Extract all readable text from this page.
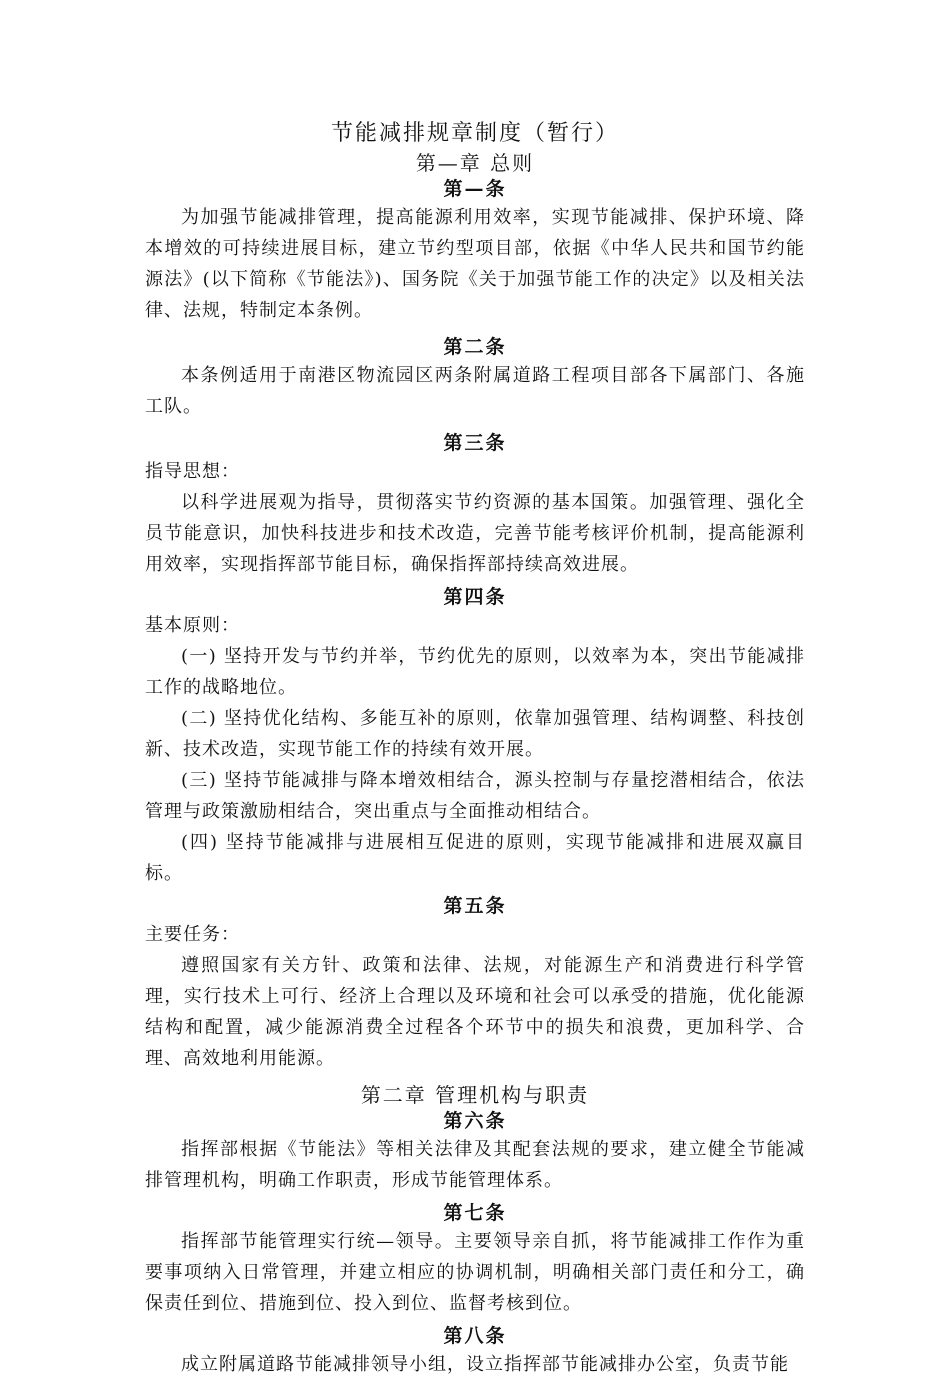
节能减排规章制度（暂行）
第—章 总则
第—条

为加强节能减排管理，提高能源利用效率，实现节能减排、保护环境、降本增效的可持续进展目标，建立节约型项目部，依据《中华人民共和国节约能源法》(以下简称《节能法》)、国务院《关于加强节能工作的决定》以及相关法律、法规，特制定本条例。

第二条

本条例适用于南港区物流园区两条附属道路工程项目部各下属部门、各施工队。

第三条

指导思想：

以科学进展观为指导，贯彻落实节约资源的基本国策。加强管理、强化全员节能意识，加快科技进步和技术改造，完善节能考核评价机制，提高能源利用效率，实现指挥部节能目标，确保指挥部持续高效进展。

第四条

基本原则：

(一) 坚持开发与节约并举，节约优先的原则，以效率为本，突出节能减排工作的战略地位。

(二) 坚持优化结构、多能互补的原则，依靠加强管理、结构调整、科技创新、技术改造，实现节能工作的持续有效开展。

(三) 坚持节能减排与降本增效相结合，源头控制与存量挖潜相结合，依法管理与政策激励相结合，突出重点与全面推动相结合。

(四) 坚持节能减排与进展相互促进的原则，实现节能减排和进展双赢目标。

第五条

主要任务：

遵照国家有关方针、政策和法律、法规，对能源生产和消费进行科学管理，实行技术上可行、经济上合理以及环境和社会可以承受的措施，优化能源结构和配置，减少能源消费全过程各个环节中的损失和浪费，更加科学、合理、高效地利用能源。

第二章 管理机构与职责
第六条

指挥部根据《节能法》等相关法律及其配套法规的要求，建立健全节能减排管理机构，明确工作职责，形成节能管理体系。

第七条

指挥部节能管理实行统—领导。主要领导亲自抓，将节能减排工作作为重要事项纳入日常管理，并建立相应的协调机制，明确相关部门责任和分工，确保责任到位、措施到位、投入到位、监督考核到位。

第八条

成立附属道路节能减排领导小组，设立指挥部节能减排办公室，负责节能
